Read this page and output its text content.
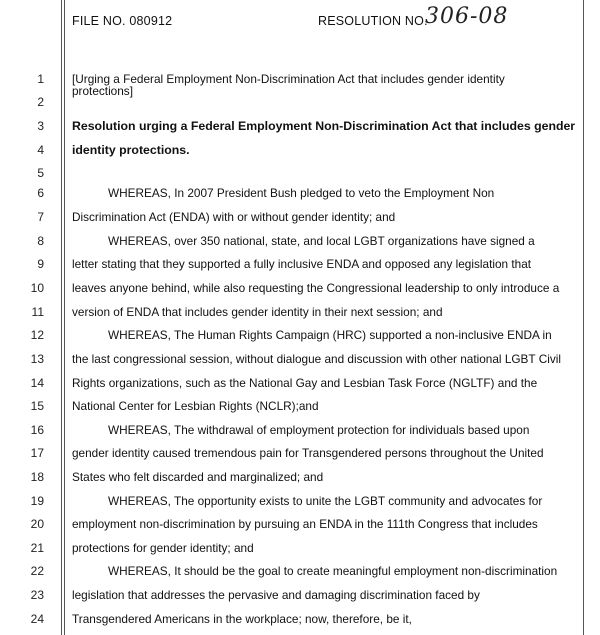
FILE NO. 080912	RESOLUTION NO.
306-08
1
2
3
4
5
6
7
8
9
10
11
12
13
14
15
16
17
18
19
20
21
22
23
24
[Urging a Federal Employment Non-Discrimination Act that includes gender identity protections]
Resolution urging a Federal Employment Non-Discrimination Act that includes gender
identity protections.
WHEREAS, In 2007 President Bush pledged to veto the Employment Non
Discrimination Act (ENDA) with or without gender identity; and
WHEREAS, over 350 national, state, and local LGBT organizations have signed a
letter stating that they supported a fully inclusive ENDA and opposed any legislation that
leaves anyone behind, while also requesting the Congressional leadership to only introduce a
version of ENDA that includes gender identity in their next session; and
WHEREAS, The Human Rights Campaign (HRC) supported a non-inclusive ENDA in
the last congressional session, without dialogue and discussion with other national LGBT Civil
Rights organizations, such as the National Gay and Lesbian Task Force (NGLTF) and the
National Center for Lesbian Rights (NCLR);and
WHEREAS, The withdrawal of employment protection for individuals based upon
gender identity caused tremendous pain for Transgendered persons throughout the United
States who felt discarded and marginalized; and
WHEREAS, The opportunity exists to unite the LGBT community and advocates for
employment non-discrimination by pursuing an ENDA in the 111th Congress that includes
protections for gender identity; and
WHEREAS, It should be the goal to create meaningful employment non-discrimination
legislation that addresses the pervasive and damaging discrimination faced by
Transgendered Americans in the workplace; now, therefore, be it,
